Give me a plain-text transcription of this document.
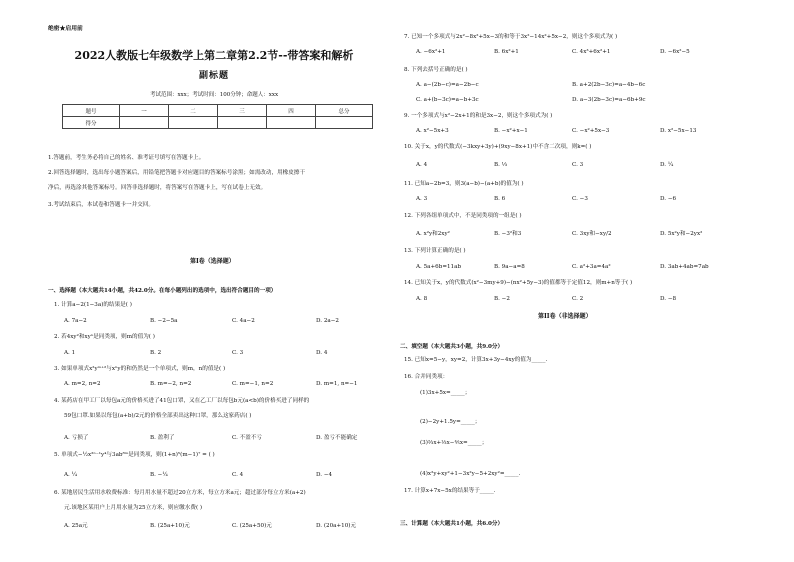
绝密★启用前
2022人教版七年级数学上第二章第2.2节--带答案和解析
副标题
考试范围：xxx；考试时间：100分钟；命题人：xxx
题号	一	二	三	四	总分
得分					
1.答题前，考生务必将自己的姓名、准考证号填写在答题卡上。
2.回答选择题时，选出每小题答案后，用铅笔把答题卡对应题目的答案标号涂黑；如需改动，用橡皮擦干
净后，再选涂其他答案标号。回答非选择题时，将答案写在答题卡上，写在试卷上无效。
3.考试结束后，本试卷和答题卡一并交回。
第I卷（选择题）
一、选择题（本大题共14小题，共42.0分。在每小题列出的选项中，选出符合题目的一项）
1. 计算a−2(1−3a)的结果是( )
A. 7a−2	B. −2−5a	C. 4a−2	D. 2a−2
2. 若4xy²和xyⁿ是同类项，则m的值为( )
A. 1	B. 2	C. 3	D. 4
3. 如果单项式x²yᵐ⁺²与xⁿy的和仍然是一个单项式，则m，n的值是( )
A. m=2, n=2	B. m=−2, n=2	C. m=−1, n=2	D. m=1, n=−1
4. 某药店在甲工厂以每包a元的价格买进了41包口罩，又在乙工厂以每包b元(a<b)的价格买进了同样的
59包口罩.如果以每包(a+b)/2元的价格全部卖出这种口罩，那么这家药店( )
A. 亏损了	B. 盈利了	C. 不盈不亏	D. 盈亏不能确定
5. 单项式−½x²ⁿ⁻¹y⁴与3ab⁸ᵐ是同类项，则(1+n)⁵(m−1)⁷ = ( )
A. ¼	B. −¼	C. 4	D. −4
6. 某地居民生活用水收费标准：每月用水量不超过20立方米，每立方米a元；超过部分每立方米(a+2)
元.该地区某用户上月用水量为25立方米，则应缴水费( )
A. 25a元	B. (25a+10)元	C. (25a+50)元	D. (20a+10)元
7. 已知一个多项式与2x²−8x²+5x−3的和等于3x²−14x²+5x−2，则这个多项式为( )
A. −6x²+1	B. 6x²+1	C. 4x³+6x²+1	D. −6x²−5
8. 下列去括号正确的是( )
A. a−(2b−c)=a−2b−c	B. a+2(2b−3c)=a−4b−6c
C. a+(b−3c)=a−b+3c	D. a−3(2b−3c)=a−6b+9c
9. 一个多项式与x²−2x+1的和是3x−2，则这个多项式为( )
A. x²−5x+3	B. −x²+x−1	C. −x²+5x−3	D. x²−5x−13
10. 关于x，y的代数式(−3kxy+3y)+(9xy−8x+1)中不含二次项，则k=( )
A. 4	B. ⅓	C. 3	D. ¼
11. 已知a−2b=3，则3(a−b)−(a+b)的值为( )
A. 3	B. 6	C. −3	D. −6
12. 下列各组单项式中，不是同类项的一组是( )
A. x²y和2xy²	B. −3²和3	C. 3xy和−xy/2	D. 5x²y和−2yx²
13. 下列计算正确的是( )
A. 5a+6b=11ab	B. 9a−a=8	C. a²+3a=4a²	D. 3ab+4ab=7ab
14. 已知关于x，y的代数式(x²−3my+9)−(nx²+5y−3)的值都等于定值12，则m+n等于( )
A. 8	B. −2	C. 2	D. −8
第II卷（非选择题）
二、填空题（本大题共3小题，共9.0分）
15. 已知x=5−y，xy=2，计算3x+3y−4xy的值为_____.
16. 合并同类项：
(1)3x+5x=_____；
(2)−2y+1.5y=_____；
(3)⅔x+⅓x−⅘x=_____；
(4)x²y+xy²+1−3x²y−5+2xy²=_____.
17. 计算x+7x−5x的结果等于_____.
三、计算题（本大题共1小题，共6.0分）
